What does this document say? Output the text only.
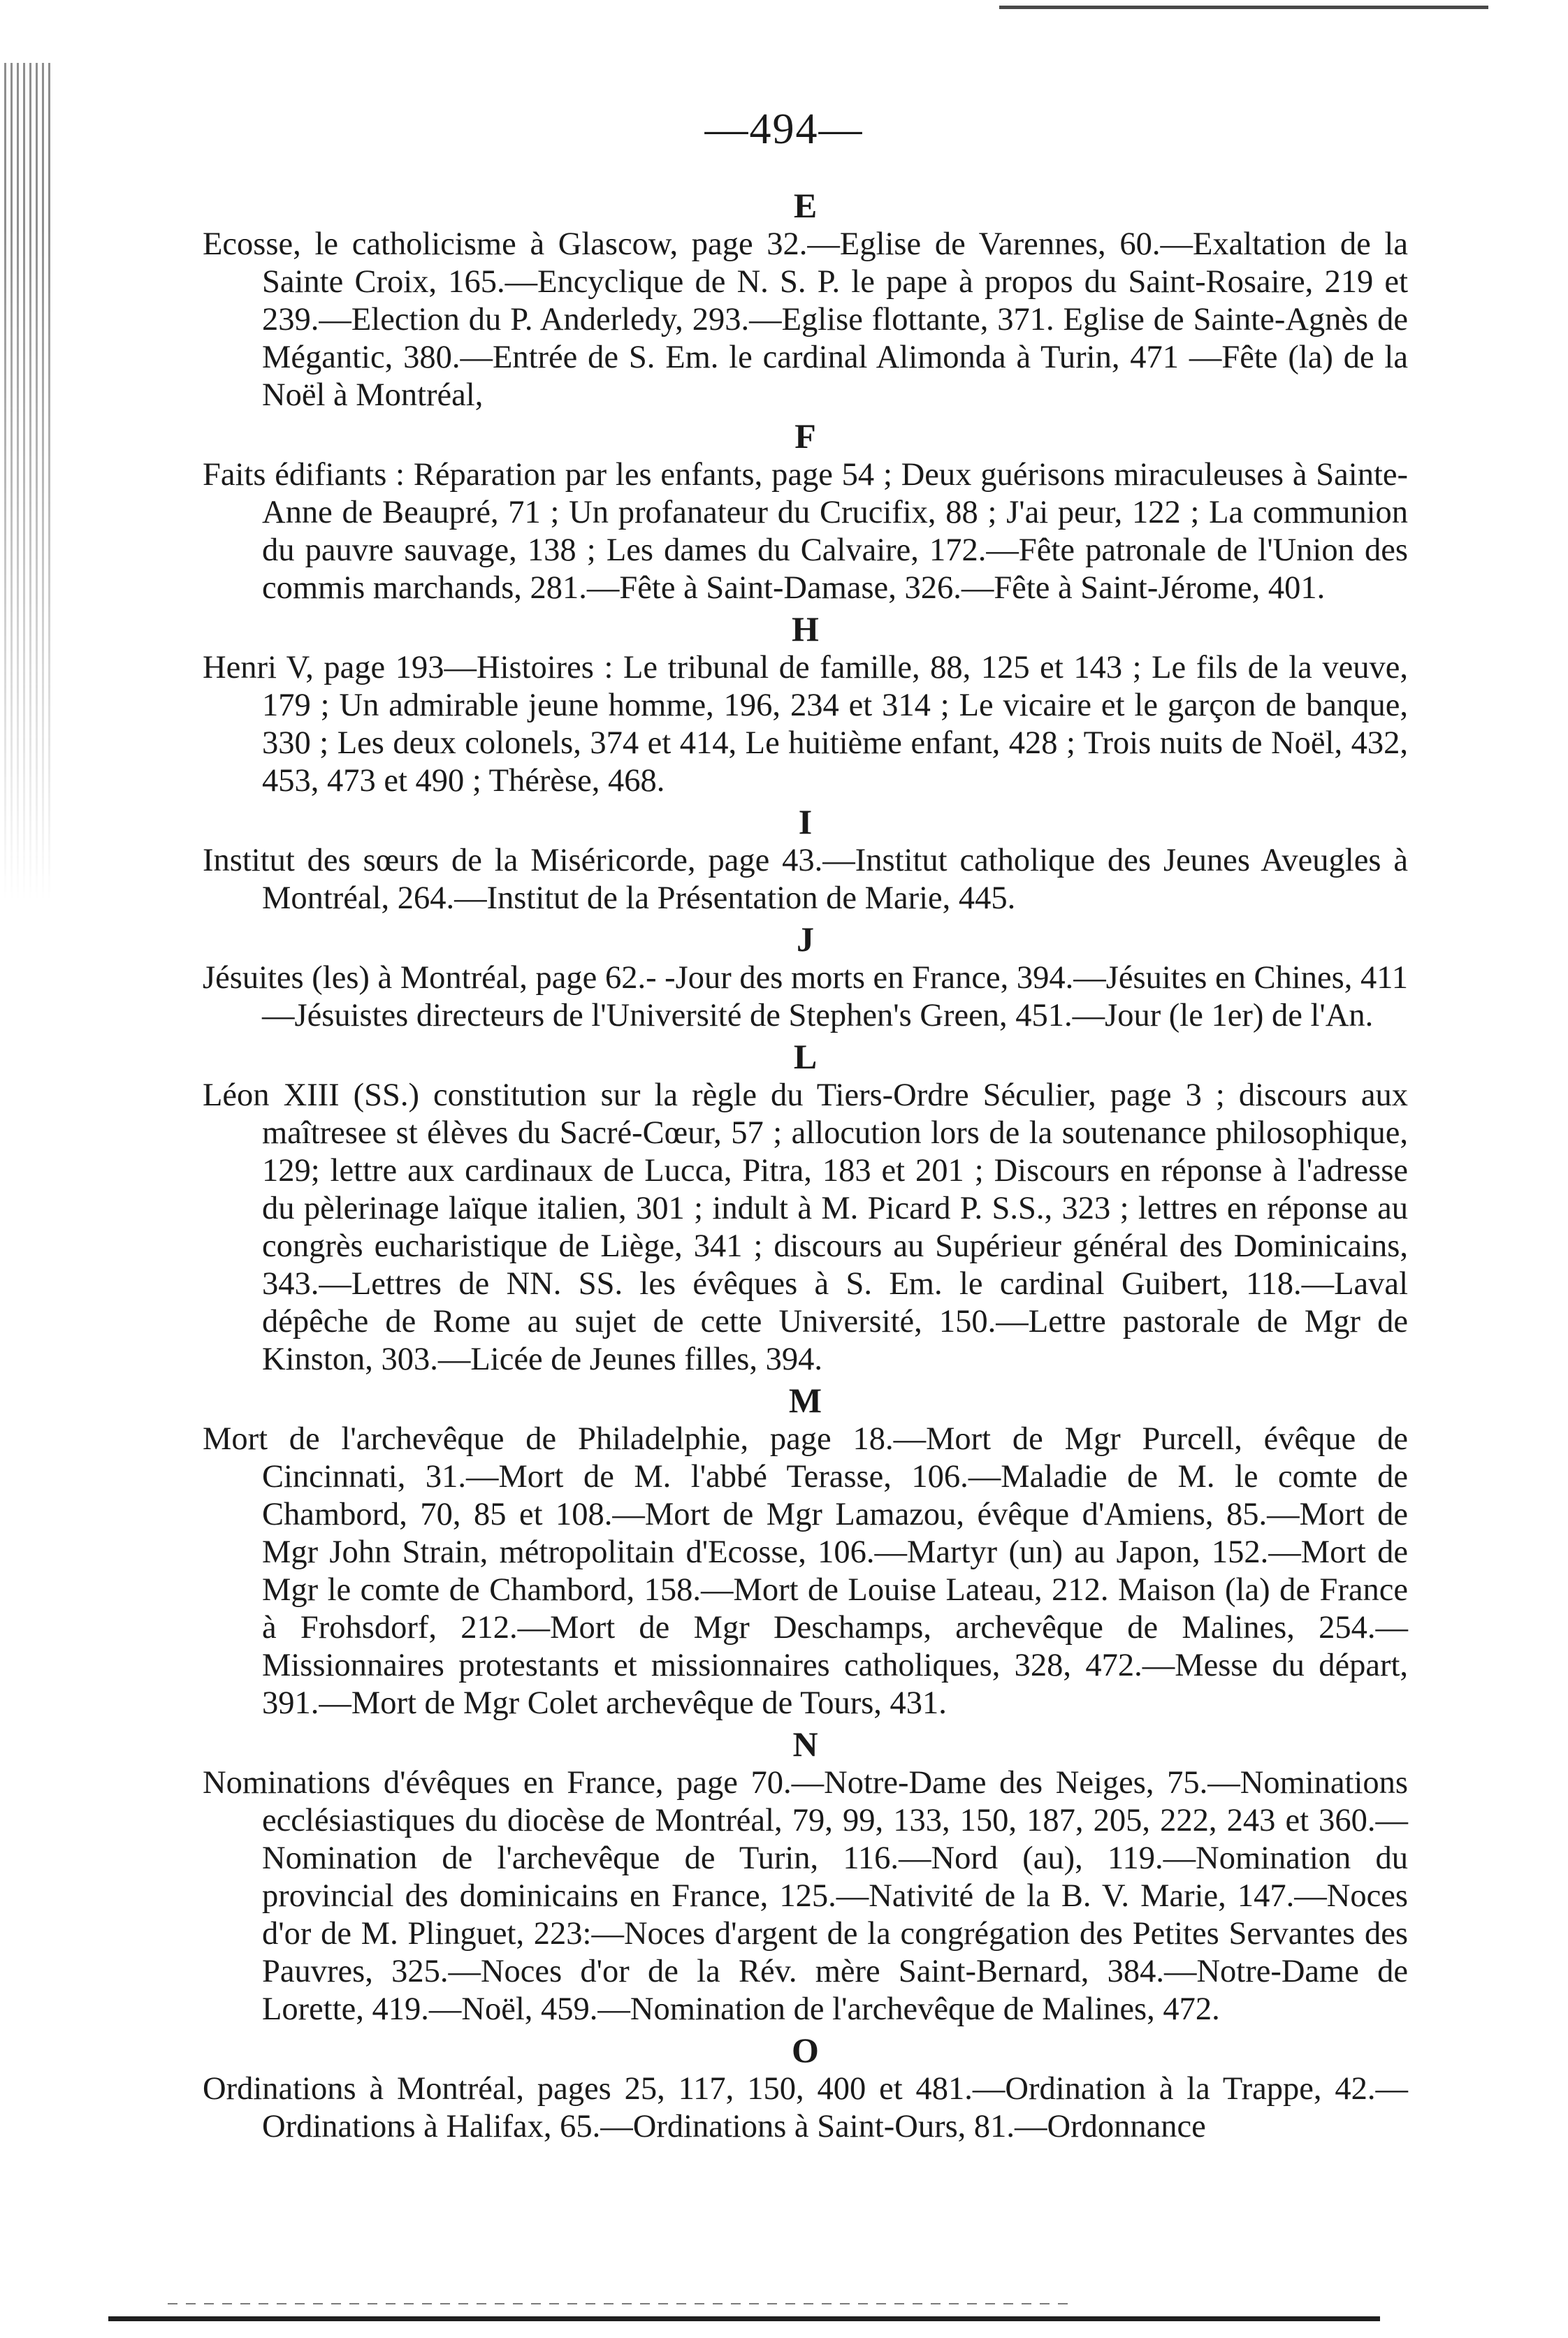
— 494 —
E

Ecosse, le catholicisme à Glascow, page 32.—Eglise de Varennes, 60.—Exaltation de la Sainte Croix, 165.—Encyclique de N. S. P. le pape à propos du Saint-Rosaire, 219 et 239.—Election du P. Anderledy, 293.—Eglise flottante, 371. Eglise de Sainte-Agnès de Mégantic, 380.—Entrée de S. Em. le cardinal Alimonda à Turin, 471 —Fête (la) de la Noël à Montréal,

F

Faits édifiants : Réparation par les enfants, page 54 ; Deux guérisons miraculeuses à Sainte-Anne de Beaupré, 71 ; Un profanateur du Crucifix, 88 ; J'ai peur, 122 ; La communion du pauvre sauvage, 138 ; Les dames du Calvaire, 172.—Fête patronale de l'Union des commis marchands, 281.—Fête à Saint-Damase, 326.—Fête à Saint-Jérome, 401.

H

Henri V, page 193—Histoires : Le tribunal de famille, 88, 125 et 143 ; Le fils de la veuve, 179 ; Un admirable jeune homme, 196, 234 et 314 ; Le vicaire et le garçon de banque, 330 ; Les deux colonels, 374 et 414, Le huitième enfant, 428 ; Trois nuits de Noël, 432, 453, 473 et 490 ; Thérèse, 468.

I

Institut des sœurs de la Miséricorde, page 43.—Institut catholique des Jeunes Aveugles à Montréal, 264.—Institut de la Présentation de Marie, 445.

J

Jésuites (les) à Montréal, page 62.- -Jour des morts en France, 394.—Jésuites en Chines, 411 —Jésuistes directeurs de l'Université de Stephen's Green, 451.—Jour (le 1er) de l'An.

L

Léon XIII (SS.) constitution sur la règle du Tiers-Ordre Séculier, page 3 ; discours aux maîtresee st élèves du Sacré-Cœur, 57 ; allocution lors de la soutenance philosophique, 129; lettre aux cardinaux de Lucca, Pitra, 183 et 201 ; Discours en réponse à l'adresse du pèlerinage laïque italien, 301 ; indult à M. Picard P. S.S., 323 ; lettres en réponse au congrès eucharistique de Liège, 341 ; discours au Supérieur général des Dominicains, 343.—Lettres de NN. SS. les évêques à S. Em. le cardinal Guibert, 118.—Laval dépêche de Rome au sujet de cette Université, 150.—Lettre pastorale de Mgr de Kinston, 303.—Licée de Jeunes filles, 394.

M

Mort de l'archevêque de Philadelphie, page 18.—Mort de Mgr Purcell, évêque de Cincinnati, 31.—Mort de M. l'abbé Terasse, 106.—Maladie de M. le comte de Chambord, 70, 85 et 108.—Mort de Mgr Lamazou, évêque d'Amiens, 85.—Mort de Mgr John Strain, métropolitain d'Ecosse, 106.—Martyr (un) au Japon, 152.—Mort de Mgr le comte de Chambord, 158.—Mort de Louise Lateau, 212. Maison (la) de France à Frohsdorf, 212.—Mort de Mgr Deschamps, archevêque de Malines, 254.—Missionnaires protestants et missionnaires catholiques, 328, 472.—Messe du départ, 391.—Mort de Mgr Colet archevêque de Tours, 431.

N

Nominations d'évêques en France, page 70.—Notre-Dame des Neiges, 75.—Nominations ecclésiastiques du diocèse de Montréal, 79, 99, 133, 150, 187, 205, 222, 243 et 360.—Nomination de l'archevêque de Turin, 116.—Nord (au), 119.—Nomination du provincial des dominicains en France, 125.—Nativité de la B. V. Marie, 147.—Noces d'or de M. Plinguet, 223:—Noces d'argent de la congrégation des Petites Servantes des Pauvres, 325.—Noces d'or de la Rév. mère Saint-Bernard, 384.—Notre-Dame de Lorette, 419.—Noël, 459.—Nomination de l'archevêque de Malines, 472.

O

Ordinations à Montréal, pages 25, 117, 150, 400 et 481.—Ordination à la Trappe, 42.—Ordinations à Halifax, 65.—Ordinations à Saint-Ours, 81.—Ordonnance
